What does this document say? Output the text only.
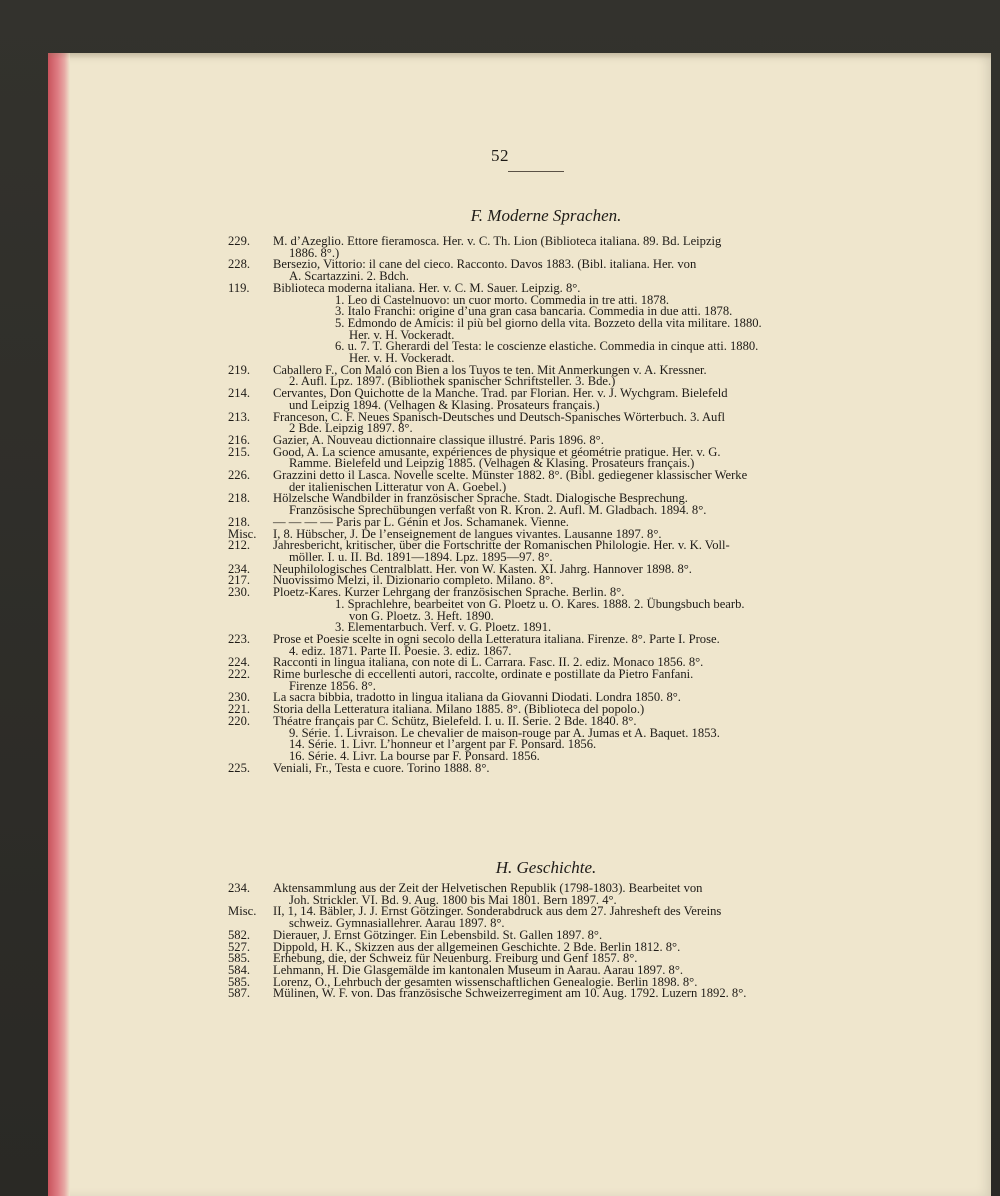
52
F. Moderne Sprachen.
229.	M. d’Azeglio. Ettore fieramosca. Her. v. C. Th. Lion (Biblioteca italiana. 89. Bd. Leipzig
1886. 8°.)
228.	Bersezio, Vittorio: il cane del cieco. Racconto. Davos 1883. (Bibl. italiana. Her. von
A. Scartazzini. 2. Bdch.
119.	Biblioteca moderna italiana. Her. v. C. M. Sauer. Leipzig. 8°.
1. Leo di Castelnuovo: un cuor morto. Commedia in tre atti. 1878.
3. Italo Franchi: origine d’una gran casa bancaria. Commedia in due atti. 1878.
5. Edmondo de Amicis: il più bel giorno della vita. Bozzeto della vita militare. 1880.
Her. v. H. Vockeradt.
6. u. 7. T. Gherardi del Testa: le coscienze elastiche. Commedia in cinque atti. 1880.
Her. v. H. Vockeradt.
219.	Caballero F., Con Maló con Bien a los Tuyos te ten. Mit Anmerkungen v. A. Kressner.
2. Aufl. Lpz. 1897. (Bibliothek spanischer Schriftsteller. 3. Bde.)
214.	Cervantes, Don Quichotte de la Manche. Trad. par Florian. Her. v. J. Wychgram. Bielefeld
und Leipzig 1894. (Velhagen & Klasing. Prosateurs français.)
213.	Franceson, C. F. Neues Spanisch-Deutsches und Deutsch-Spanisches Wörterbuch. 3. Aufl
2 Bde. Leipzig 1897. 8°.
216.	Gazier, A. Nouveau dictionnaire classique illustré. Paris 1896. 8°.
215.	Good, A. La science amusante, expériences de physique et géométrie pratique. Her. v. G.
Ramme. Bielefeld und Leipzig 1885. (Velhagen & Klasing. Prosateurs français.)
226.	Grazzini detto il Lasca. Novelle scelte. Münster 1882. 8°. (Bibl. gediegener klassischer Werke
der italienischen Litteratur von A. Goebel.)
218.	Hölzelsche Wandbilder in französischer Sprache. Stadt. Dialogische Besprechung.
Französische Sprechübungen verfaßt von R. Kron. 2. Aufl. M. Gladbach. 1894. 8°.
218.	— — — — Paris par L. Génin et Jos. Schamanek. Vienne.
Misc.	I, 8. Hübscher, J. De l’enseignement de langues vivantes. Lausanne 1897. 8°.
212.	Jahresbericht, kritischer, über die Fortschritte der Romanischen Philologie. Her. v. K. Voll-
möller. I. u. II. Bd. 1891—1894. Lpz. 1895—97. 8°.
234.	Neuphilologisches Centralblatt. Her. von W. Kasten. XI. Jahrg. Hannover 1898. 8°.
217.	Nuovissimo Melzi, il. Dizionario completo. Milano. 8°.
230.	Ploetz-Kares. Kurzer Lehrgang der französischen Sprache. Berlin. 8°.
1. Sprachlehre, bearbeitet von G. Ploetz u. O. Kares. 1888. 2. Übungsbuch bearb.
von G. Ploetz. 3. Heft. 1890.
3. Elementarbuch. Verf. v. G. Ploetz. 1891.
223.	Prose et Poesie scelte in ogni secolo della Letteratura italiana. Firenze. 8°. Parte I. Prose.
4. ediz. 1871. Parte II. Poesie. 3. ediz. 1867.
224.	Racconti in lingua italiana, con note di L. Carrara. Fasc. II. 2. ediz. Monaco 1856. 8°.
222.	Rime burlesche di eccellenti autori, raccolte, ordinate e postillate da Pietro Fanfani.
Firenze 1856. 8°.
230.	La sacra bibbia, tradotto in lingua italiana da Giovanni Diodati. Londra 1850. 8°.
221.	Storia della Letteratura italiana. Milano 1885. 8°. (Biblioteca del popolo.)
220.	Théatre français par C. Schütz, Bielefeld. I. u. II. Serie. 2 Bde. 1840. 8°.
9. Série. 1. Livraison. Le chevalier de maison-rouge par A. Jumas et A. Baquet. 1853.
14. Série. 1. Livr. L’honneur et l’argent par F. Ponsard. 1856.
16. Série. 4. Livr. La bourse par F. Ponsard. 1856.
225.	Veniali, Fr., Testa e cuore. Torino 1888. 8°.
H. Geschichte.
234.	Aktensammlung aus der Zeit der Helvetischen Republik (1798-1803). Bearbeitet von
Joh. Strickler. VI. Bd. 9. Aug. 1800 bis Mai 1801. Bern 1897. 4°.
Misc.	II, 1, 14. Bäbler, J. J. Ernst Götzinger. Sonderabdruck aus dem 27. Jahresheft des Vereins
schweiz. Gymnasiallehrer. Aarau 1897. 8°.
582.	Dierauer, J. Ernst Götzinger. Ein Lebensbild. St. Gallen 1897. 8°.
527.	Dippold, H. K., Skizzen aus der allgemeinen Geschichte. 2 Bde. Berlin 1812. 8°.
585.	Erhebung, die, der Schweiz für Neuenburg. Freiburg und Genf 1857. 8°.
584.	Lehmann, H. Die Glasgemälde im kantonalen Museum in Aarau. Aarau 1897. 8°.
585.	Lorenz, O., Lehrbuch der gesamten wissenschaftlichen Genealogie. Berlin 1898. 8°.
587.	Mülinen, W. F. von. Das französische Schweizerregiment am 10. Aug. 1792. Luzern 1892. 8°.
